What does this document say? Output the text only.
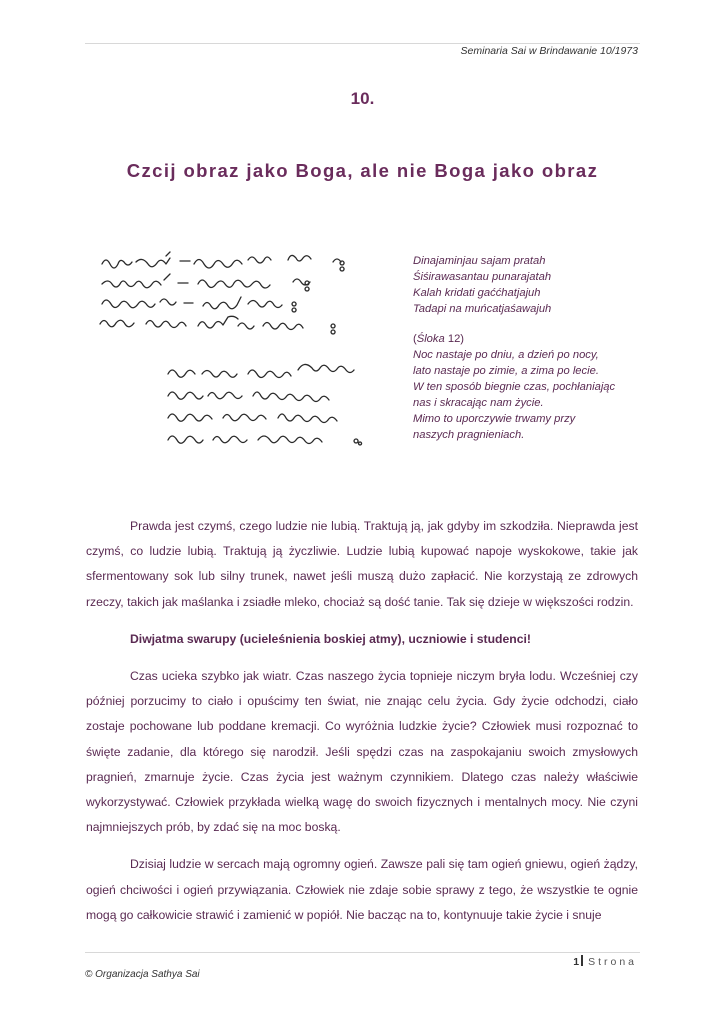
Seminaria Sai w Brindawanie 10/1973
10.
Czcij obraz jako Boga, ale nie Boga jako obraz
Dinajaminjau sajam pratah
Śiśirawasantau punarajatah
Kalah kridati gaććhatjajuh
Tadapi na muńcatjaśawajuh
(Śloka 12)
Noc nastaje po dniu, a dzień po nocy,
lato nastaje po zimie, a zima po lecie.
W ten sposób biegnie czas, pochłaniając
nas i skracając nam życie.
Mimo to uporczywie trwamy przy
naszych pragnieniach.

Prawda jest czymś, czego ludzie nie lubią. Traktują ją, jak gdyby im szkodziła. Nieprawda jest czymś, co ludzie lubią. Traktują ją życzliwie. Ludzie lubią kupować napoje wyskokowe, takie jak sfermentowany sok lub silny trunek, nawet jeśli muszą dużo zapłacić. Nie korzystają ze zdrowych rzeczy, takich jak maślanka i zsiadłe mleko, chociaż są dość tanie. Tak się dzieje w większości rodzin.

Diwjatma swarupy (ucieleśnienia boskiej atmy), uczniowie i studenci!

Czas ucieka szybko jak wiatr. Czas naszego życia topnieje niczym bryła lodu. Wcześniej czy później porzucimy to ciało i opuścimy ten świat, nie znając celu życia. Gdy życie odchodzi, ciało zostaje pochowane lub poddane kremacji. Co wyróżnia ludzkie życie? Człowiek musi rozpoznać to święte zadanie, dla którego się narodził. Jeśli spędzi czas na zaspokajaniu swoich zmysłowych pragnień, zmarnuje życie. Czas życia jest ważnym czynnikiem. Dlatego czas należy właściwie wykorzystywać. Człowiek przykłada wielką wagę do swoich fizycznych i mentalnych mocy. Nie czyni najmniejszych prób, by zdać się na moc boską.

Dzisiaj ludzie w sercach mają ogromny ogień. Zawsze pali się tam ogień gniewu, ogień żądzy, ogień chciwości i ogień przywiązania. Człowiek nie zdaje sobie sprawy z tego, że wszystkie te ognie mogą go całkowicie strawić i zamienić w popiół. Nie bacząc na to, kontynuuje takie życie i snuje

1 Strona
© Organizacja Sathya Sai
